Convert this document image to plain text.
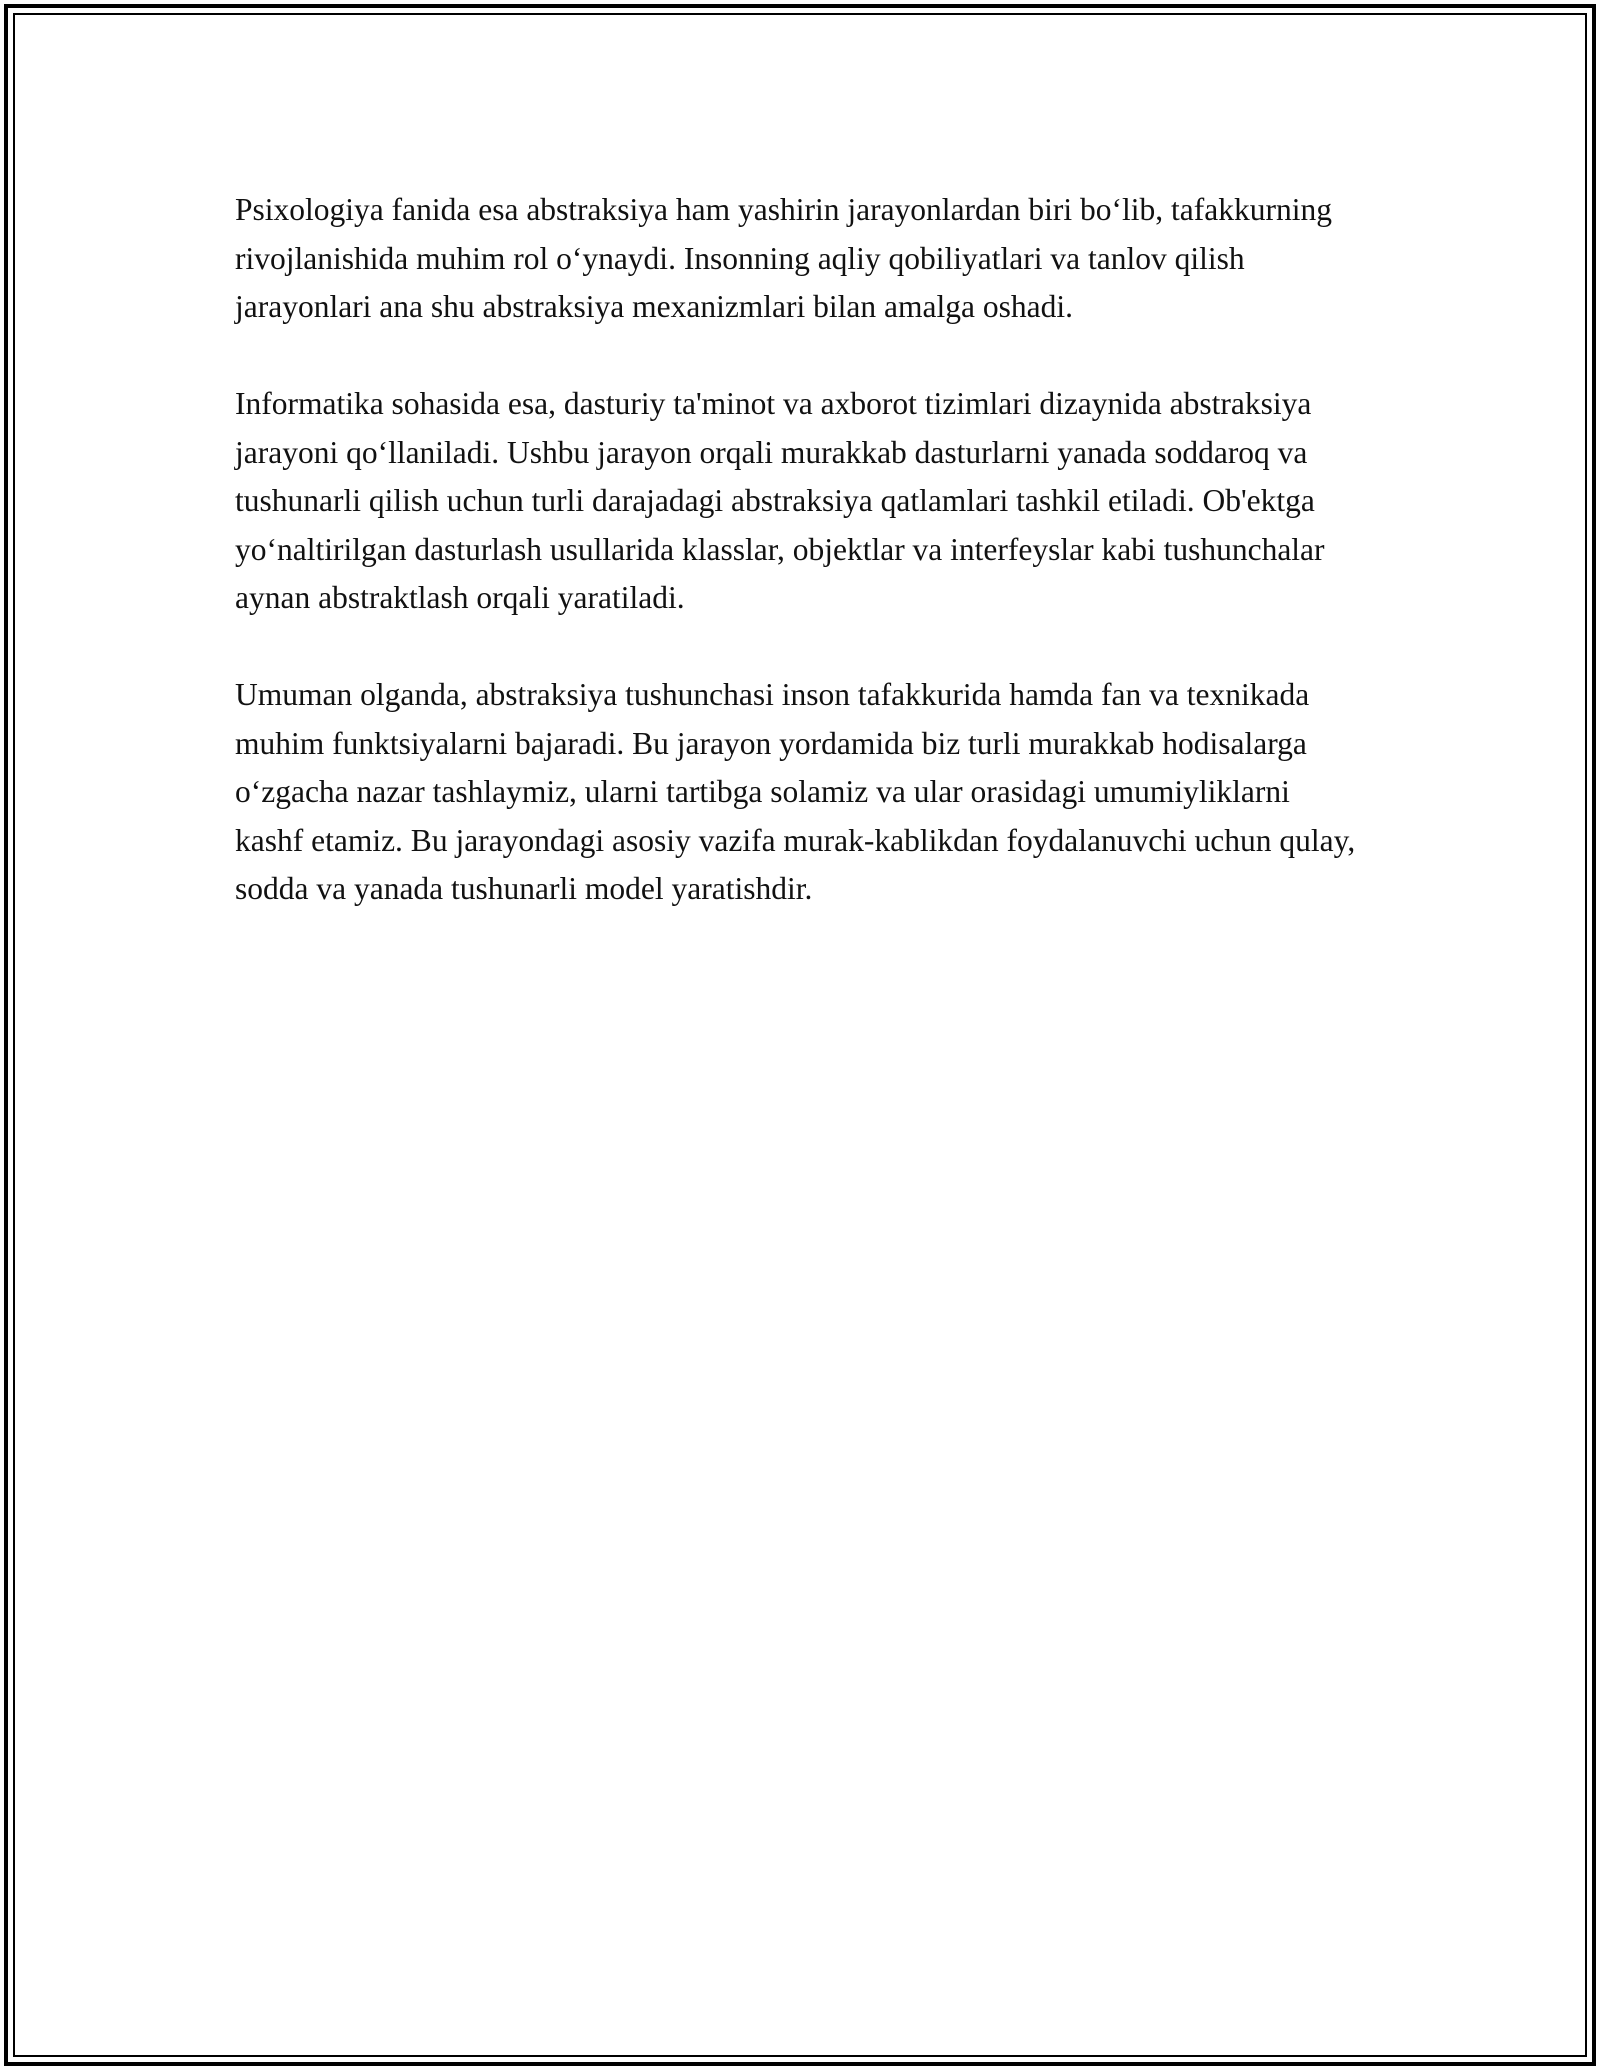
Psixologiya fanida esa abstraksiya ham yashirin jarayonlardan biri bo‘lib, tafakkurning rivojlanishida muhim rol o‘ynaydi. Insonning aqliy qobiliyatlari va tanlov qilish jarayonlari ana shu abstraksiya mexanizmlari bilan amalga oshadi.

Informatika sohasida esa, dasturiy ta'minot va axborot tizimlari dizaynida abstraksiya jarayoni qo‘llaniladi. Ushbu jarayon orqali murakkab dasturlarni yanada soddaroq va tushunarli qilish uchun turli darajadagi abstraksiya qatlamlari tashkil etiladi. Ob'ektga yo‘naltirilgan dasturlash usullarida klasslar, objektlar va interfeyslar kabi tushunchalar aynan abstraktlash orqali yaratiladi.

Umuman olganda, abstraksiya tushunchasi inson tafakkurida hamda fan va texnikada muhim funktsiyalarni bajaradi. Bu jarayon yordamida biz turli murakkab hodisalarga o‘zgacha nazar tashlaymiz, ularni tartibga solamiz va ular orasidagi umumiyliklarni kashf etamiz. Bu jarayondagi asosiy vazifa murak-kablikdan foydalanuvchi uchun qulay, sodda va yanada tushunarli model yaratishdir.
